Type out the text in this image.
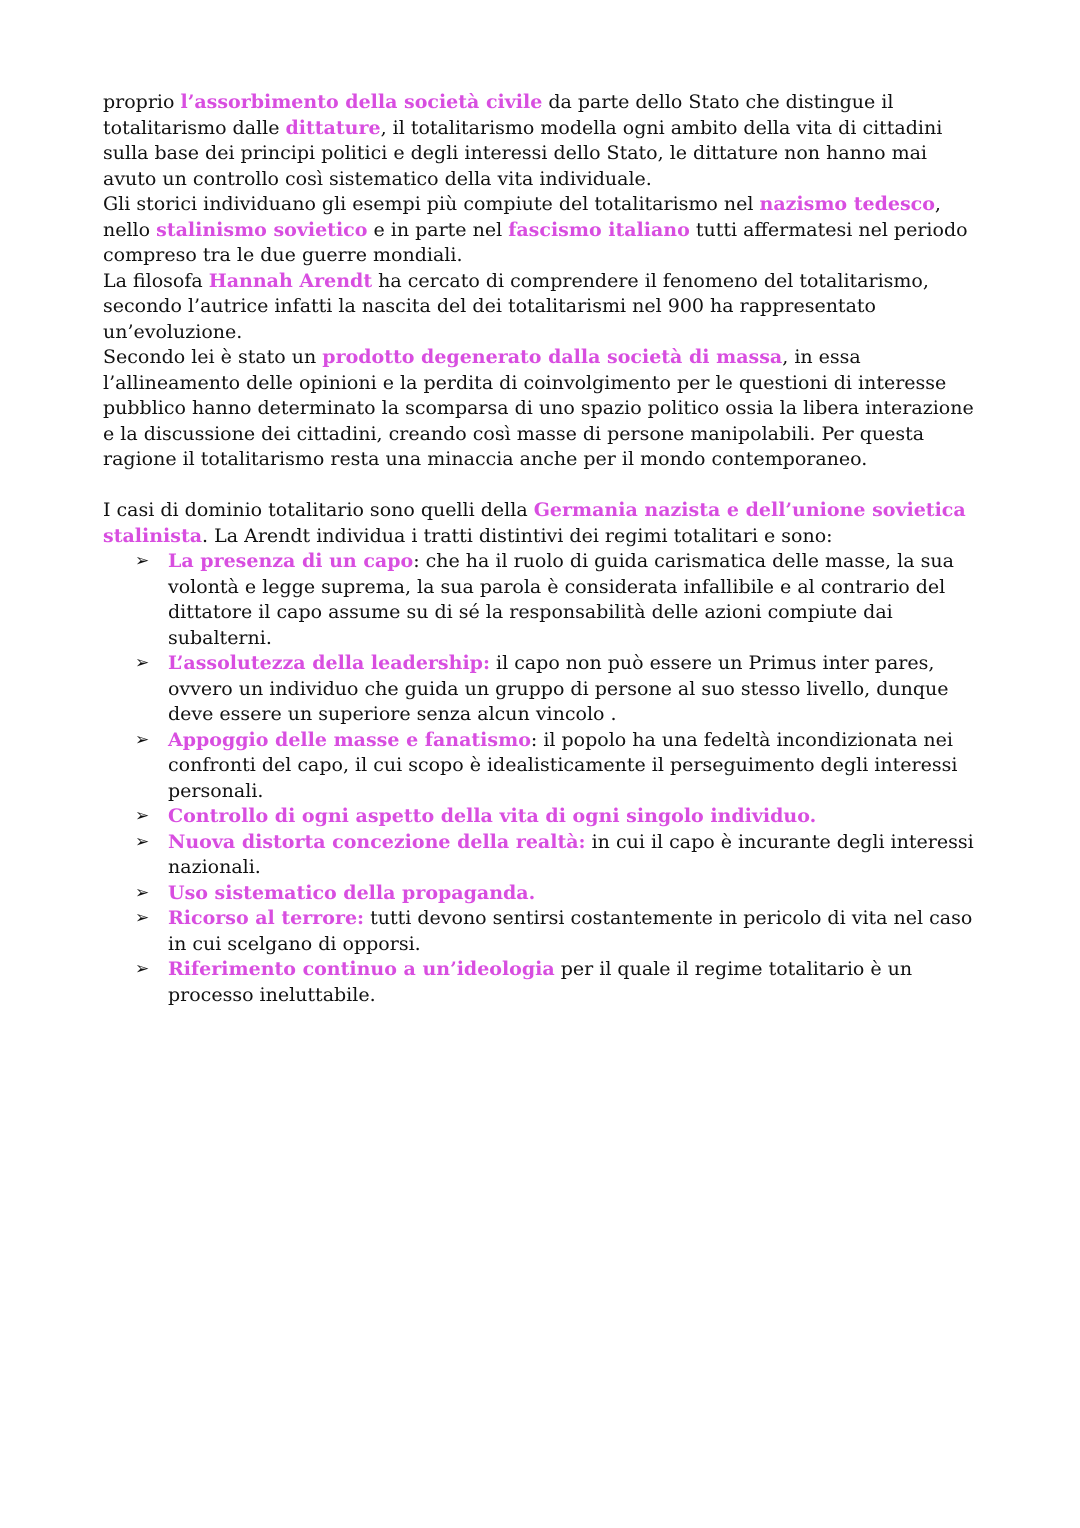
proprio l’assorbimento della società civile da parte dello Stato che distingue il totalitarismo dalle dittature, il totalitarismo modella ogni ambito della vita di cittadini sulla base dei principi politici e degli interessi dello Stato, le dittature non hanno mai avuto un controllo così sistematico della vita individuale.

Gli storici individuano gli esempi più compiute del totalitarismo nel nazismo tedesco, nello stalinismo sovietico e in parte nel fascismo italiano tutti affermatesi nel periodo compreso tra le due guerre mondiali.

La filosofa Hannah Arendt ha cercato di comprendere il fenomeno del totalitarismo, secondo l’autrice infatti la nascita del dei totalitarismi nel 900 ha rappresentato un’evoluzione.

Secondo lei è stato un prodotto degenerato dalla società di massa, in essa l’allineamento delle opinioni e la perdita di coinvolgimento per le questioni di interesse pubblico hanno determinato la scomparsa di uno spazio politico ossia la libera interazione e la discussione dei cittadini, creando così masse di persone manipolabili. Per questa ragione il totalitarismo resta una minaccia anche per il mondo contemporaneo.

I casi di dominio totalitario sono quelli della Germania nazista e dell’unione sovietica stalinista. La Arendt individua i tratti distintivi dei regimi totalitari e sono:

➢ La presenza di un capo: che ha il ruolo di guida carismatica delle masse, la sua volontà e legge suprema, la sua parola è considerata infallibile e al contrario del dittatore il capo assume su di sé la responsabilità delle azioni compiute dai subalterni.
➢ L’assolutezza della leadership: il capo non può essere un Primus inter pares, ovvero un individuo che guida un gruppo di persone al suo stesso livello, dunque deve essere un superiore senza alcun vincolo .
➢ Appoggio delle masse e fanatismo: il popolo ha una fedeltà incondizionata nei confronti del capo, il cui scopo è idealisticamente il perseguimento degli interessi personali.
➢ Controllo di ogni aspetto della vita di ogni singolo individuo.
➢ Nuova distorta concezione della realtà: in cui il capo è incurante degli interessi nazionali.
➢ Uso sistematico della propaganda.
➢ Ricorso al terrore: tutti devono sentirsi costantemente in pericolo di vita nel caso in cui scelgano di opporsi.
➢ Riferimento continuo a un’ideologia per il quale il regime totalitario è un processo ineluttabile.
